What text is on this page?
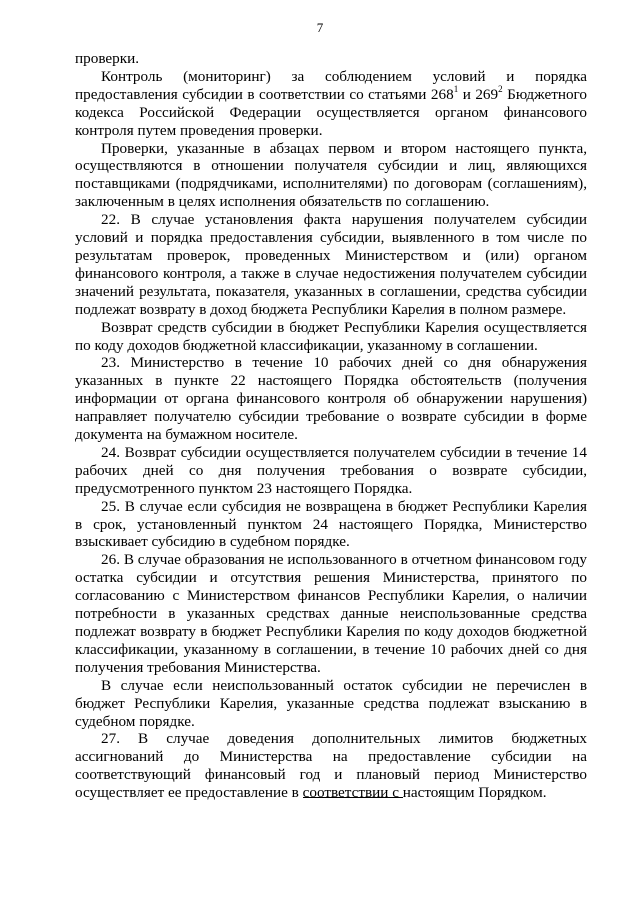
7

проверки.

Контроль (мониторинг) за соблюдением условий и порядка предоставления субсидии в соответствии со статьями $268^1$ и $269^2$ Бюджетного кодекса Российской Федерации осуществляется органом финансового контроля путем проведения проверки.

Проверки, указанные в абзацах первом и втором настоящего пункта, осуществляются в отношении получателя субсидии и лиц, являющихся поставщиками (подрядчиками, исполнителями) по договорам (соглашениям), заключенным в целях исполнения обязательств по соглашению.

22. В случае установления факта нарушения получателем субсидии условий и порядка предоставления субсидии, выявленного в том числе по результатам проверок, проведенных Министерством и (или) органом финансового контроля, а также в случае недостижения получателем субсидии значений результата, показателя, указанных в соглашении, средства субсидии подлежат возврату в доход бюджета Республики Карелия в полном размере.

Возврат средств субсидии в бюджет Республики Карелия осуществляется по коду доходов бюджетной классификации, указанному в соглашении.

23. Министерство в течение 10 рабочих дней со дня обнаружения указанных в пункте 22 настоящего Порядка обстоятельств (получения информации от органа финансового контроля об обнаружении нарушения) направляет получателю субсидии требование о возврате субсидии в форме документа на бумажном носителе.

24. Возврат субсидии осуществляется получателем субсидии в течение 14 рабочих дней со дня получения требования о возврате субсидии, предусмотренного пунктом 23 настоящего Порядка.

25. В случае если субсидия не возвращена в бюджет Республики Карелия в срок, установленный пунктом 24 настоящего Порядка, Министерство взыскивает субсидию в судебном порядке.

26. В случае образования не использованного в отчетном финансовом году остатка субсидии и отсутствия решения Министерства, принятого по согласованию с Министерством финансов Республики Карелия, о наличии потребности в указанных средствах данные неиспользованные средства подлежат возврату в бюджет Республики Карелия по коду доходов бюджетной классификации, указанному в соглашении, в течение 10 рабочих дней со дня получения требования Министерства.

В случае если неиспользованный остаток субсидии не перечислен в бюджет Республики Карелия, указанные средства подлежат взысканию в судебном порядке.

27. В случае доведения дополнительных лимитов бюджетных ассигнований до Министерства на предоставление субсидии на соответствующий финансовый год и плановый период Министерство осуществляет ее предоставление в соответствии с настоящим Порядком.
